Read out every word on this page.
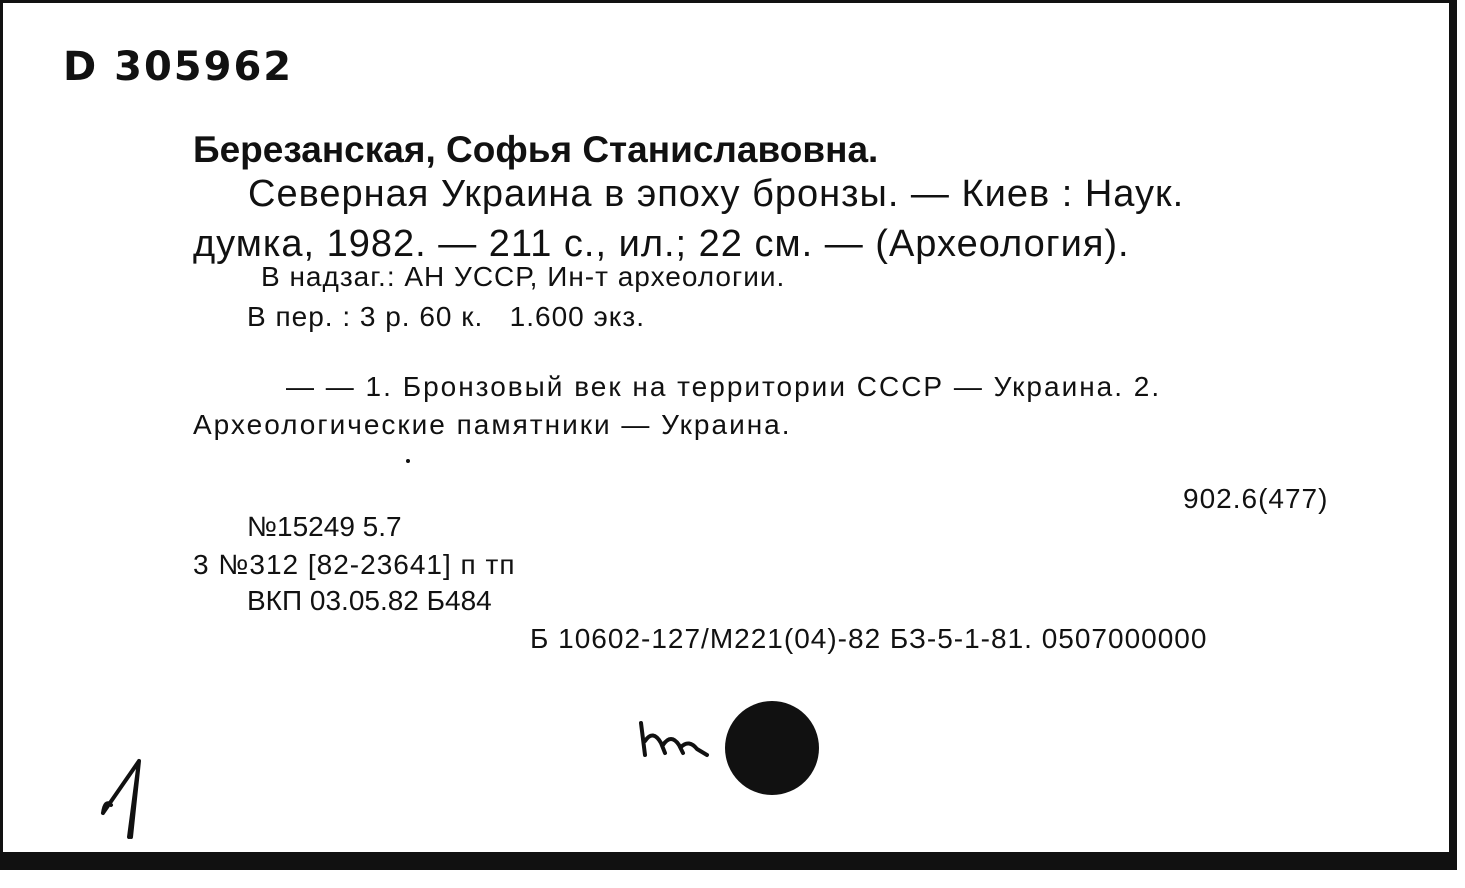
D 305962
Березанская, Софья Станиславовна.
Северная Украина в эпоху бронзы. — Киев : Наук.
думка, 1982. — 211 с., ил.; 22 см. — (Археология).
В надзаг.: АН УССР, Ин-т археологии.
В пер. : 3 р. 60 к.   1.600 экз.
— — 1. Бронзовый век на территории СССР — Украина. 2.
Археологические памятники — Украина.
902.6(477)
№15249 5.7
3 №312 [82-23641] п тп
ВКП 03.05.82 Б484
Б 10602-127/М221(04)-82 БЗ-5-1-81. 0507000000
